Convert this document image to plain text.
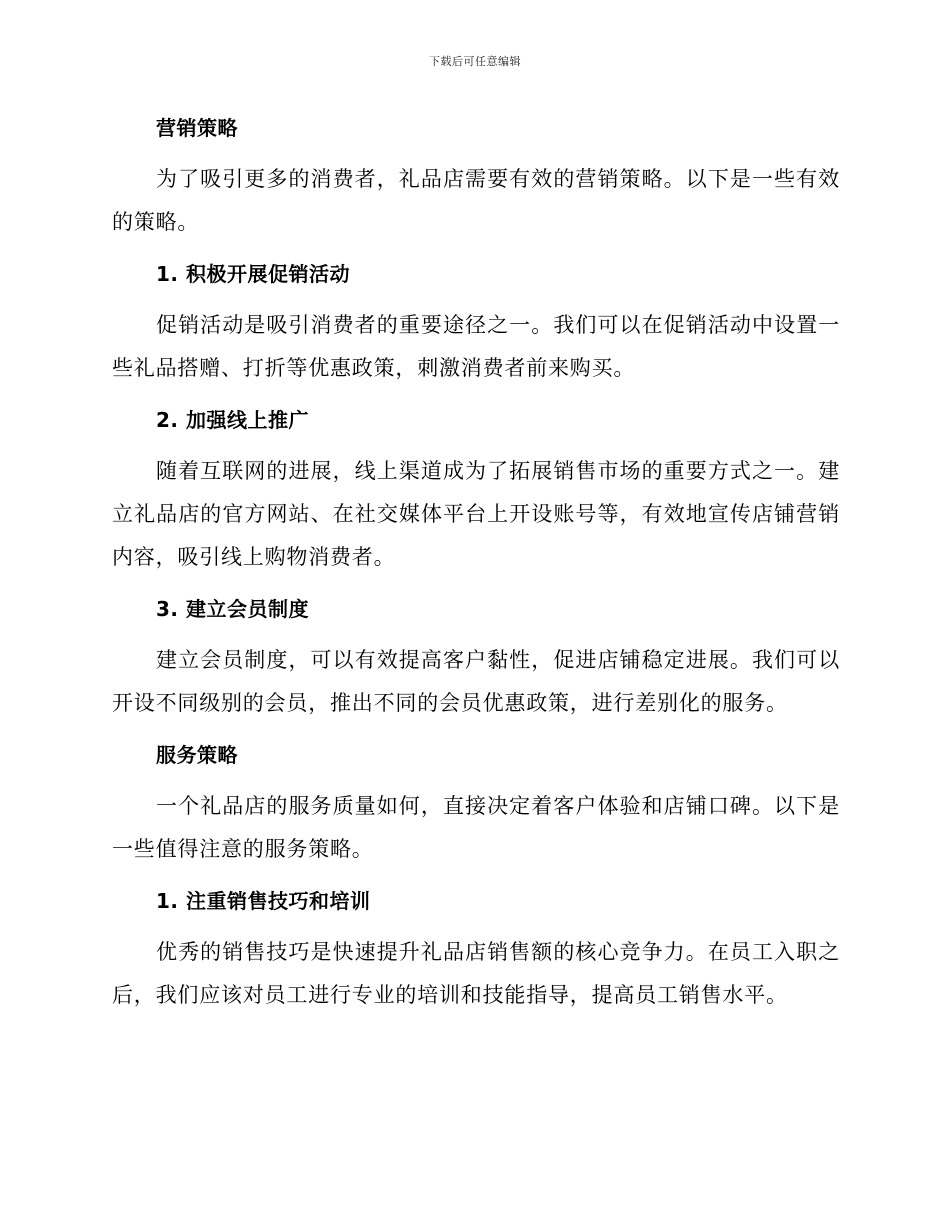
下载后可任意编辑
营销策略

为了吸引更多的消费者，礼品店需要有效的营销策略。以下是一些有效的策略。

1. 积极开展促销活动

促销活动是吸引消费者的重要途径之一。我们可以在促销活动中设置一些礼品搭赠、打折等优惠政策，刺激消费者前来购买。

2. 加强线上推广

随着互联网的进展，线上渠道成为了拓展销售市场的重要方式之一。建立礼品店的官方网站、在社交媒体平台上开设账号等，有效地宣传店铺营销内容，吸引线上购物消费者。

3. 建立会员制度

建立会员制度，可以有效提高客户黏性，促进店铺稳定进展。我们可以开设不同级别的会员，推出不同的会员优惠政策，进行差别化的服务。

服务策略

一个礼品店的服务质量如何，直接决定着客户体验和店铺口碑。以下是一些值得注意的服务策略。

1. 注重销售技巧和培训

优秀的销售技巧是快速提升礼品店销售额的核心竞争力。在员工入职之后，我们应该对员工进行专业的培训和技能指导，提高员工销售水平。
